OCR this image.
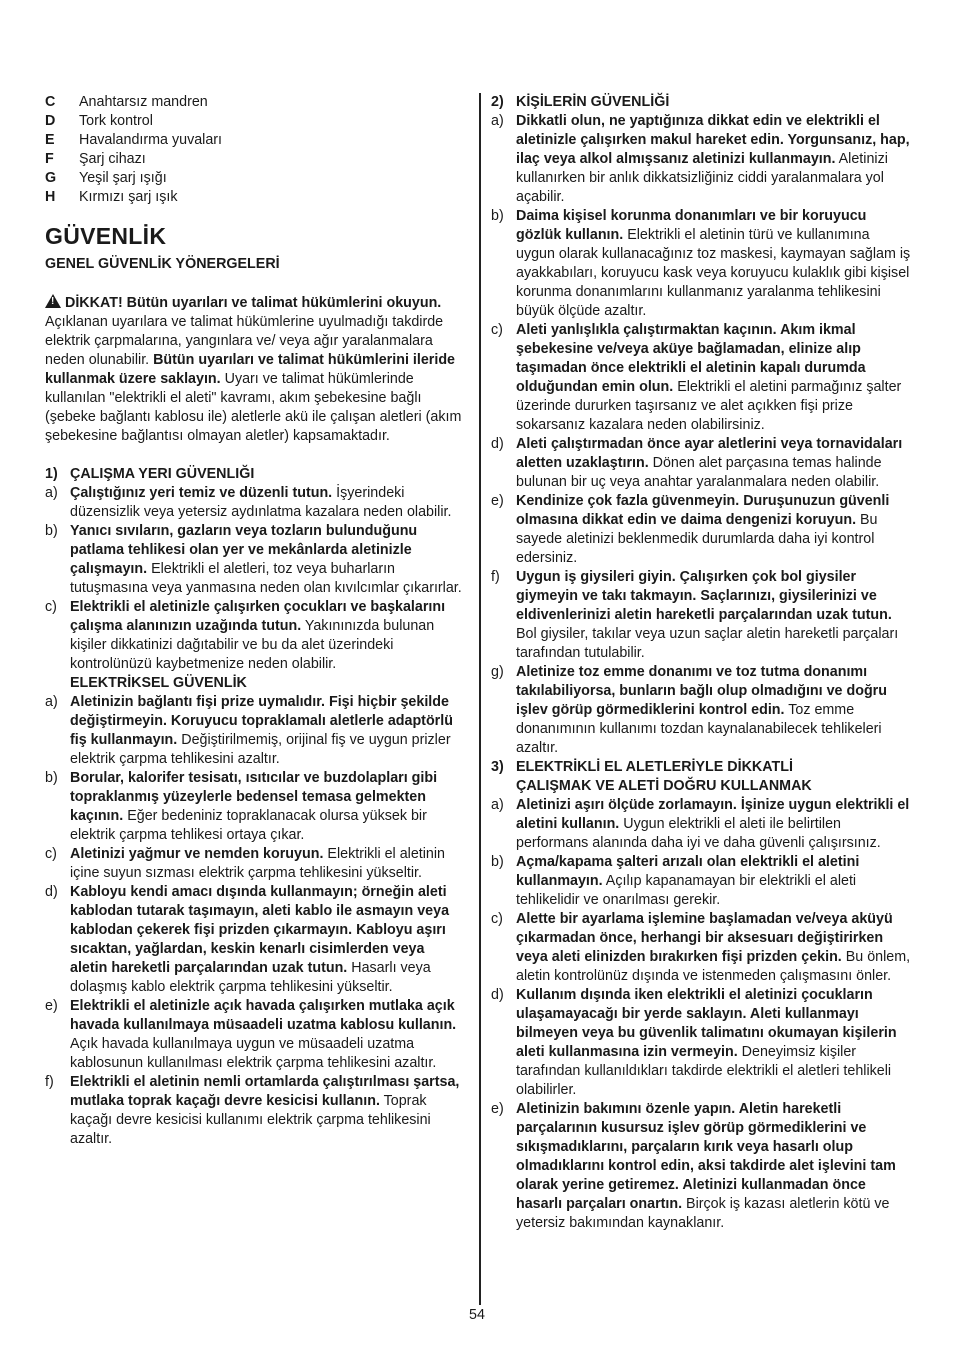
C	Anahtarsız mandren
D	Tork kontrol
E	Havalandırma yuvaları
F	Şarj cihazı
G	Yeşil şarj ışığı
H	Kırmızı şarj ışık
GÜVENLİK
GENEL GÜVENLİK YÖNERGELERİ

!DİKKAT! Bütün uyarıları ve talimat hükümlerini okuyun. Açıklanan uyarılara ve talimat hükümlerine uyulmadığı takdirde elektrik çarpmalarına, yangınlara ve/ veya ağır yaralanmalara neden olunabilir. Bütün uyarıları ve talimat hükümlerini ileride kullanmak üzere saklayın. Uyarı ve talimat hükümlerinde kullanılan "elektrikli el aleti" kavramı, akım şebekesine bağlı (şebeke bağlantı kablosu ile) aletlerle akü ile çalışan aletleri (akım şebekesine bağlantısı olmayan aletler) kapsamaktadır.

1) ÇALIŞMA YERI GÜVENLIĞI
a) Çalıştığınız yeri temiz ve düzenli tutun. İşyerindeki düzensizlik veya yetersiz aydınlatma kazalara neden olabilir.
b) Yanıcı sıvıların, gazların veya tozların bulunduğunu patlama tehlikesi olan yer ve mekânlarda aletinizle çalışmayın. Elektrikli el aletleri, toz veya buharların tutuşmasına veya yanmasına neden olan kıvılcımlar çıkarırlar.
c) Elektrikli el aletinizle çalışırken çocukları ve başkalarını çalışma alanınızın uzağında tutun. Yakınınızda bulunan kişiler dikkatinizi dağıtabilir ve bu da alet üzerindeki kontrolünüzü kaybetmenize neden olabilir.
ELEKTRİKSEL GÜVENLİK
a) Aletinizin bağlantı fişi prize uymalıdır. Fişi hiçbir şekilde değiştirmeyin. Koruyucu topraklamalı aletlerle adaptörlü fiş kullanmayın. Değiştirilmemiş, orijinal fiş ve uygun prizler elektrik çarpma tehlikesini azaltır.
b) Borular, kalorifer tesisatı, ısıtıcılar ve buzdolapları gibi topraklanmış yüzeylerle bedensel temasa gelmekten kaçının. Eğer bedeniniz topraklanacak olursa yüksek bir elektrik çarpma tehlikesi ortaya çıkar.
c) Aletinizi yağmur ve nemden koruyun. Elektrikli el aletinin içine suyun sızması elektrik çarpma tehlikesini yükseltir.
d) Kabloyu kendi amacı dışında kullanmayın; örneğin aleti kablodan tutarak taşımayın, aleti kablo ile asmayın veya kablodan çekerek fişi prizden çıkarmayın. Kabloyu aşırı sıcaktan, yağlardan, keskin kenarlı cisimlerden veya aletin hareketli parçalarından uzak tutun. Hasarlı veya dolaşmış kablo elektrik çarpma tehlikesini yükseltir.
e) Elektrikli el aletinizle açık havada çalışırken mutlaka açık havada kullanılmaya müsaadeli uzatma kablosu kullanın. Açık havada kullanılmaya uygun ve müsaadeli uzatma kablosunun kullanılması elektrik çarpma tehlikesini azaltır.
f)	Elektrikli el aletinin nemli ortamlarda çalıştırılması şartsa, mutlaka toprak kaçağı devre kesicisi kullanın. Toprak kaçağı devre kesicisi kullanımı elektrik çarpma tehlikesini azaltır.
2) KİŞİLERİN GÜVENLİĞİ
a) Dikkatli olun, ne yaptığınıza dikkat edin ve elektrikli el aletinizle çalışırken makul hareket edin. Yorgunsanız, hap, ilaç veya alkol almışsanız aletinizi kullanmayın. Aletinizi kullanırken bir anlık dikkatsizliğiniz ciddi yaralanmalara yol açabilir.
b) Daima kişisel korunma donanımları ve bir koruyucu gözlük kullanın. Elektrikli el aletinin türü ve kullanımına uygun olarak kullanacağınız toz maskesi, kaymayan sağlam iş ayakkabıları, koruyucu kask veya koruyucu kulaklık gibi kişisel korunma donanımlarını kullanmanız yaralanma tehlikesini büyük ölçüde azaltır.
c) Aleti yanlışlıkla çalıştırmaktan kaçının. Akım ikmal şebekesine ve/veya aküye bağlamadan, elinize alıp taşımadan önce elektrikli el aletinin kapalı durumda olduğundan emin olun. Elektrikli el aletini parmağınız şalter üzerinde dururken taşırsanız ve alet açıkken fişi prize sokarsanız kazalara neden olabilirsiniz.
d) Aleti çalıştırmadan önce ayar aletlerini veya tornavidaları aletten uzaklaştırın. Dönen alet parçasına temas halinde bulunan bir uç veya anahtar yaralanmalara neden olabilir.
e) Kendinize çok fazla güvenmeyin. Duruşunuzun güvenli olmasına dikkat edin ve daima dengenizi koruyun. Bu sayede aletinizi beklenmedik durumlarda daha iyi kontrol edersiniz.
f)	Uygun iş giysileri giyin. Çalışırken çok bol giysiler giymeyin ve takı takmayın. Saçlarınızı, giysilerinizi ve eldivenlerinizi aletin hareketli parçalarından uzak tutun. Bol giysiler, takılar veya uzun saçlar aletin hareketli parçaları tarafından tutulabilir.
g) Aletinize toz emme donanımı ve toz tutma donanımı takılabiliyorsa, bunların bağlı olup olmadığını ve doğru işlev görüp görmediklerini kontrol edin. Toz emme donanımının kullanımı tozdan kaynalanabilecek tehlikeleri azaltır.
3) ELEKTRİKLİ EL ALETLERİYLE DİKKATLİ
ÇALIŞMAK VE ALETİ DOĞRU KULLANMAK
a) Aletinizi aşırı ölçüde zorlamayın. İşinize uygun elektrikli el aletini kullanın. Uygun elektrikli el aleti ile belirtilen performans alanında daha iyi ve daha güvenli çalışırsınız.
b) Açma/kapama şalteri arızalı olan elektrikli el aletini kullanmayın. Açılıp kapanamayan bir elektrikli el aleti tehlikelidir ve onarılması gerekir.
c) Alette bir ayarlama işlemine başlamadan ve/veya aküyü çıkarmadan önce, herhangi bir aksesuarı değiştirirken veya aleti elinizden bırakırken fişi prizden çekin. Bu önlem, aletin kontrolünüz dışında ve istenmeden çalışmasını önler.
d) Kullanım dışında iken elektrikli el aletinizi çocukların ulaşamayacağı bir yerde saklayın. Aleti kullanmayı bilmeyen veya bu güvenlik talimatını okumayan kişilerin aleti kullanmasına izin vermeyin. Deneyimsiz kişiler tarafından kullanıldıkları takdirde elektrikli el aletleri tehlikeli olabilirler.
e) Aletinizin bakımını özenle yapın. Aletin hareketli parçalarının kusursuz işlev görüp görmediklerini ve sıkışmadıklarını, parçaların kırık veya hasarlı olup olmadıklarını kontrol edin, aksi takdirde alet işlevini tam olarak yerine getiremez. Aletinizi kullanmadan önce hasarlı parçaları onartın. Birçok iş kazası aletlerin kötü ve yetersiz bakımından kaynaklanır.
54
